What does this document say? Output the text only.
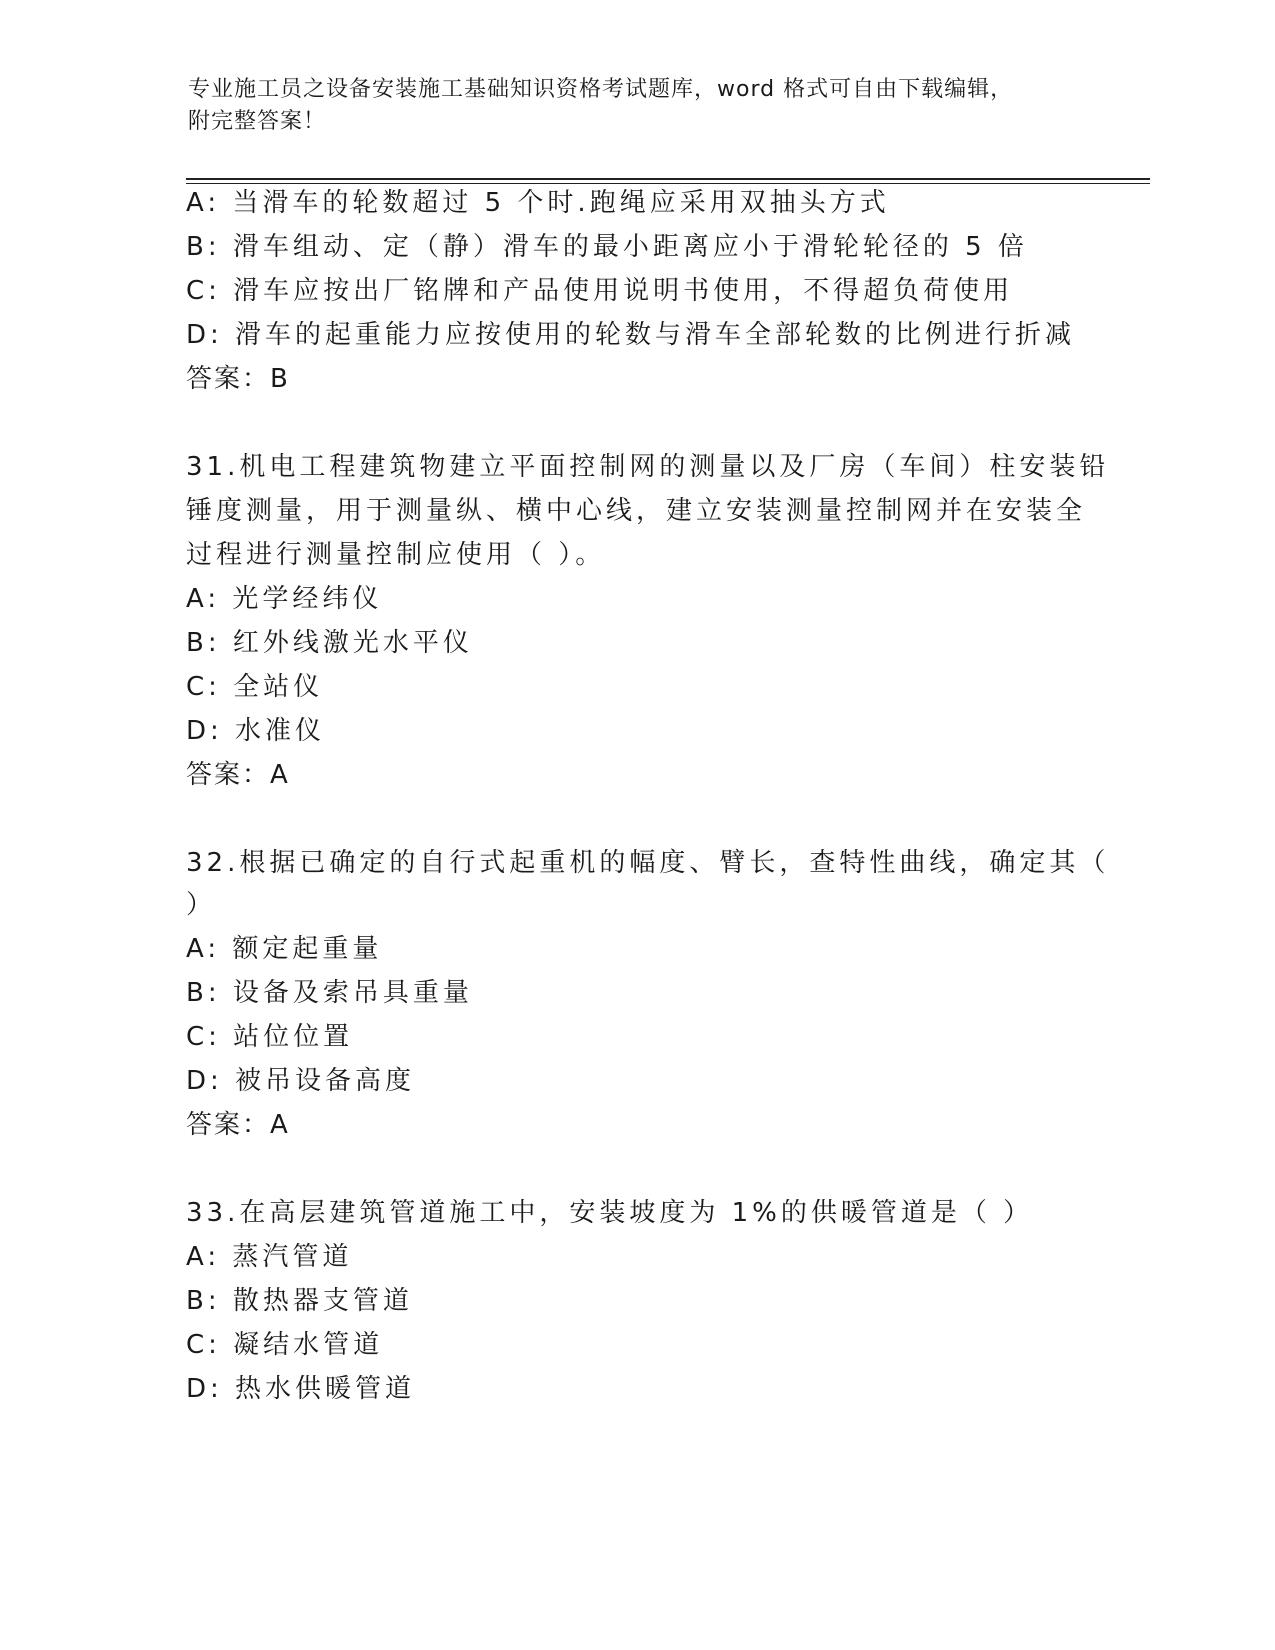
专业施工员之设备安装施工基础知识资格考试题库，word 格式可自由下载编辑，
附完整答案！
A: 当滑车的轮数超过 5 个时.跑绳应采用双抽头方式
B: 滑车组动、定（静）滑车的最小距离应小于滑轮轮径的 5 倍
C: 滑车应按出厂铭牌和产品使用说明书使用，不得超负荷使用
D: 滑车的起重能力应按使用的轮数与滑车全部轮数的比例进行折减
答案：B
31.机电工程建筑物建立平面控制网的测量以及厂房（车间）柱安装铅
锤度测量，用于测量纵、横中心线，建立安装测量控制网并在安装全
过程进行测量控制应使用（ ）。
A: 光学经纬仪
B: 红外线激光水平仪
C: 全站仪
D: 水准仪
答案：A
32.根据已确定的自行式起重机的幅度、臂长，查特性曲线，确定其（
）
A: 额定起重量
B: 设备及索吊具重量
C: 站位位置
D: 被吊设备高度
答案：A
33.在高层建筑管道施工中，安装坡度为 1%的供暖管道是（ ）
A: 蒸汽管道
B: 散热器支管道
C: 凝结水管道
D: 热水供暖管道
